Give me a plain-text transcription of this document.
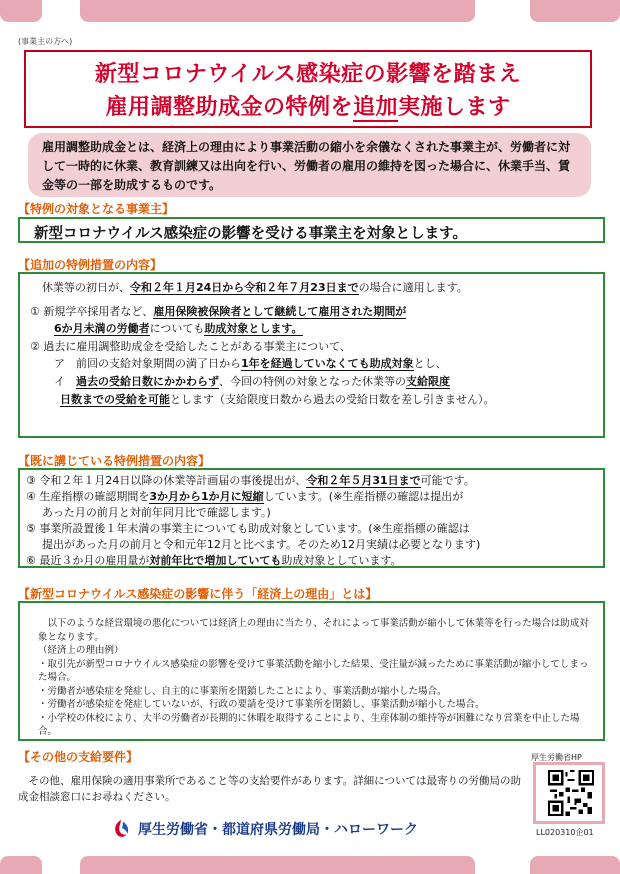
(事業主の方へ)
新型コロナウイルス感染症の影響を踏まえ
雇用調整助成金の特例を追加実施します
雇用調整助成金とは、経済上の理由により事業活動の縮小を余儀なくされた事業主が、労働者に対して一時的に休業、教育訓練又は出向を行い、労働者の雇用の維持を図った場合に、休業手当、賃金等の一部を助成するものです。
【特例の対象となる事業主】
新型コロナウイルス感染症の影響を受ける事業主を対象とします。
【追加の特例措置の内容】
休業等の初日が、令和２年１月24日から令和２年７月23日までの場合に適用します。
① 新規学卒採用者など、雇用保険被保険者として継続して雇用された期間が
6か月未満の労働者についても助成対象とします。
② 過去に雇用調整助成金を受給したことがある事業主について、
ア　前回の支給対象期間の満了日から1年を経過していなくても助成対象とし、
イ　過去の受給日数にかかわらず、今回の特例の対象となった休業等の支給限度
日数までの受給を可能とします（支給限度日数から過去の受給日数を差し引きません）。
【既に講じている特例措置の内容】
③ 令和２年１月24日以降の休業等計画届の事後提出が、令和２年５月31日まで可能です。
④ 生産指標の確認期間を3か月から1か月に短縮しています。(※生産指標の確認は提出が
あった月の前月と対前年同月比で確認します。)
⑤ 事業所設置後１年未満の事業主についても助成対象としています。(※生産指標の確認は
提出があった月の前月と令和元年12月と比べます。そのため12月実績は必要となります)
⑥ 最近３か月の雇用量が対前年比で増加していても助成対象としています。
【新型コロナウイルス感染症の影響に伴う「経済上の理由」とは】
　以下のような経営環境の悪化については経済上の理由に当たり、それによって事業活動が縮小して休業等を行った場合は助成対象となります。
（経済上の理由例）
・取引先が新型コロナウイルス感染症の影響を受けて事業活動を縮小した結果、受注量が減ったために事業活動が縮小してしまった場合。
・労働者が感染症を発症し、自主的に事業所を閉鎖したことにより、事業活動が縮小した場合。
・労働者が感染症を発症していないが、行政の要請を受けて事業所を閉鎖し、事業活動が縮小した場合。
・小学校の休校により、大半の労働者が長期的に休暇を取得することにより、生産体制の維持等が困難になり営業を中止した場合。
【その他の支給要件】
　その他、雇用保険の適用事業所であること等の支給要件があります。詳細については最寄りの労働局の助成金相談窓口にお尋ねください。
厚生労働省HP
LL020310企01
厚生労働省・都道府県労働局・ハローワーク
